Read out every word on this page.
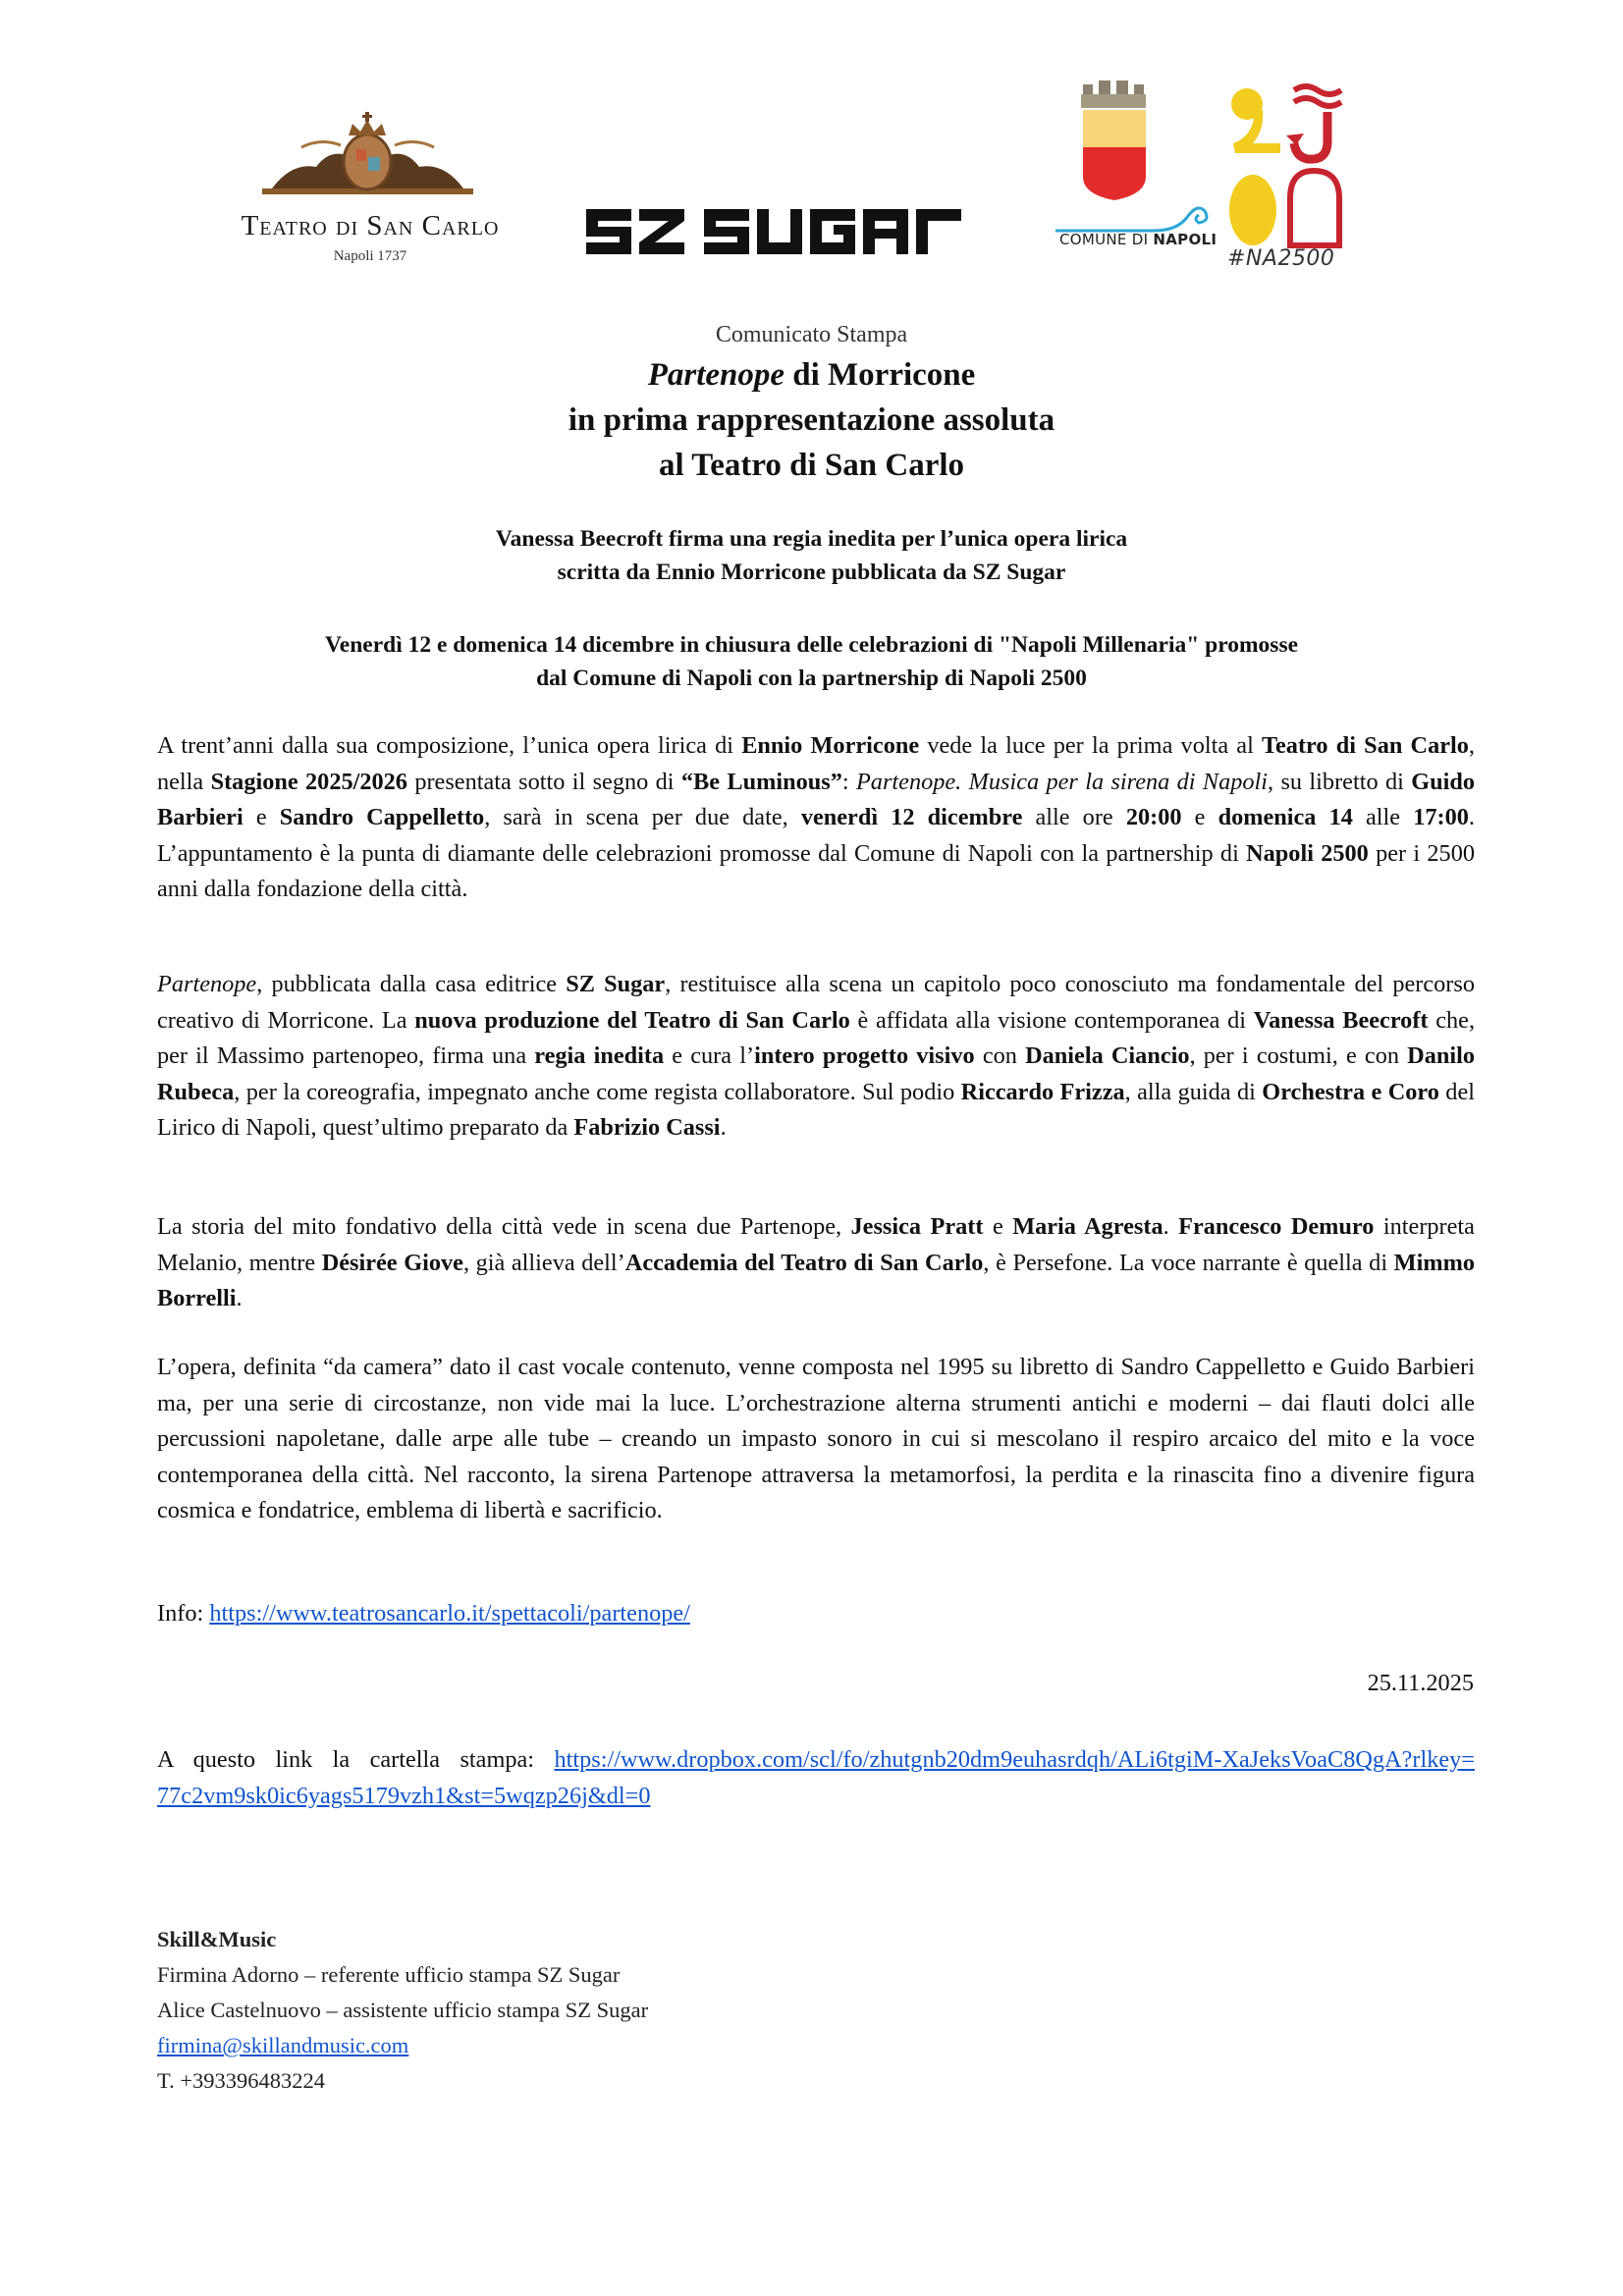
Teatro di San Carlo
Napoli 1737
COMUNE DI NAPOLI
#NA2500
Comunicato Stampa
Partenope di Morricone
in prima rappresentazione assoluta
al Teatro di San Carlo
Vanessa Beecroft firma una regia inedita per l’unica opera lirica
scritta da Ennio Morricone pubblicata da SZ Sugar
Venerdì 12 e domenica 14 dicembre in chiusura delle celebrazioni di "Napoli Millenaria" promosse
dal Comune di Napoli con la partnership di Napoli 2500
A trent’anni dalla sua composizione, l’unica opera lirica di Ennio Morricone vede la luce per la prima volta al Teatro di San Carlo, nella Stagione 2025/2026 presentata sotto il segno di “Be Luminous”: Partenope. Musica per la sirena di Napoli, su libretto di Guido Barbieri e Sandro Cappelletto, sarà in scena per due date, venerdì 12 dicembre alle ore 20:00 e domenica 14 alle 17:00. L’appuntamento è la punta di diamante delle celebrazioni promosse dal Comune di Napoli con la partnership di Napoli 2500 per i 2500 anni dalla fondazione della città.
Partenope, pubblicata dalla casa editrice SZ Sugar, restituisce alla scena un capitolo poco conosciuto ma fondamentale del percorso creativo di Morricone. La nuova produzione del Teatro di San Carlo è affidata alla visione contemporanea di Vanessa Beecroft che, per il Massimo partenopeo, firma una regia inedita e cura l’intero progetto visivo con Daniela Ciancio, per i costumi, e con Danilo Rubeca, per la coreografia, impegnato anche come regista collaboratore. Sul podio Riccardo Frizza, alla guida di Orchestra e Coro del Lirico di Napoli, quest’ultimo preparato da Fabrizio Cassi.
La storia del mito fondativo della città vede in scena due Partenope, Jessica Pratt e Maria Agresta. Francesco Demuro interpreta Melanio, mentre Désirée Giove, già allieva dell’Accademia del Teatro di San Carlo, è Persefone. La voce narrante è quella di Mimmo Borrelli.
L’opera, definita “da camera” dato il cast vocale contenuto, venne composta nel 1995 su libretto di Sandro Cappelletto e Guido Barbieri ma, per una serie di circostanze, non vide mai la luce. L’orchestrazione alterna strumenti antichi e moderni – dai flauti dolci alle percussioni napoletane, dalle arpe alle tube – creando un impasto sonoro in cui si mescolano il respiro arcaico del mito e la voce contemporanea della città. Nel racconto, la sirena Partenope attraversa la metamorfosi, la perdita e la rinascita fino a divenire figura cosmica e fondatrice, emblema di libertà e sacrificio.
Info: https://www.teatrosancarlo.it/spettacoli/partenope/
25.11.2025
A questo link la cartella stampa: https://www.dropbox.com/scl/fo/zhutgnb20dm9euhasrdqh/ALi6tgiM-XaJeksVoaC8QgA?rlkey=77c2vm9sk0ic6yags5179vzh1&st=5wqzp26j&dl=0
Skill&Music
Firmina Adorno – referente ufficio stampa SZ Sugar
Alice Castelnuovo – assistente ufficio stampa SZ Sugar
firmina@skillandmusic.com
T. +393396483224
